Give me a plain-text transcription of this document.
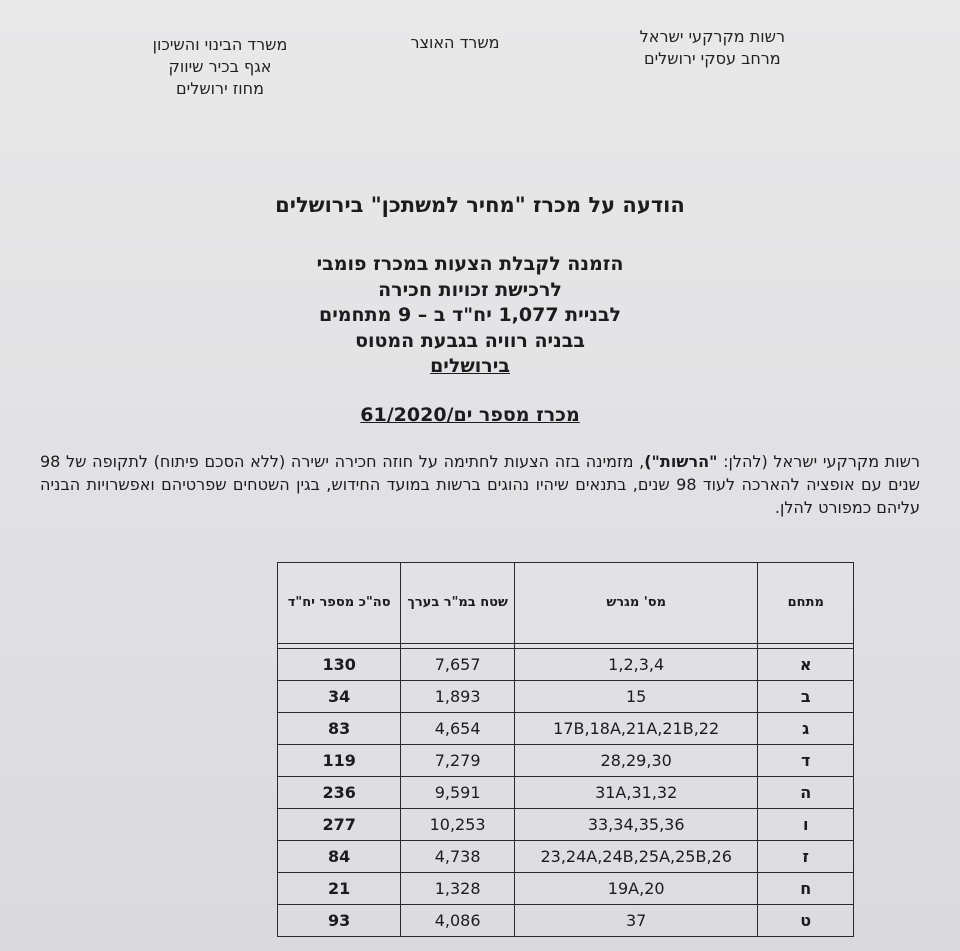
רשות מקרקעי ישראל
מרחב עסקי ירושלים
משרד האוצר
משרד הבינוי והשיכון
אגף בכיר שיווק
מחוז ירושלים
הודעה על מכרז "מחיר למשתכן" בירושלים
הזמנה לקבלת הצעות במכרז פומבי
לרכישת זכויות חכירה
לבניית 1,077 יח"ד ב – 9 מתחמים
בבניה רוויה בגבעת המטוס
בירושלים
מכרז מספר ים/61/2020
רשות מקרקעי ישראל (להלן: "הרשות"), מזמינה בזה הצעות לחתימה על חוזה חכירה ישירה (ללא הסכם פיתוח) לתקופה של 98 שנים עם אופציה להארכה לעוד 98 שנים, בתנאים שיהיו נהוגים ברשות במועד החידוש, בגין השטחים שפרטיהם ואפשרויות הבניה עליהם כמפורט להלן.
מתחם	מס' מגרש	שטח במ"ר בערך	סה"כ מספר יח"ד

א	1,2,3,4	7,657	130
ב	15	1,893	34
ג	17B,18A,21A,21B,22	4,654	83
ד	28,29,30	7,279	119
ה	31A,31,32	9,591	236
ו	33,34,35,36	10,253	277
ז	23,24A,24B,25A,25B,26	4,738	84
ח	19A,20	1,328	21
ט	37	4,086	93
